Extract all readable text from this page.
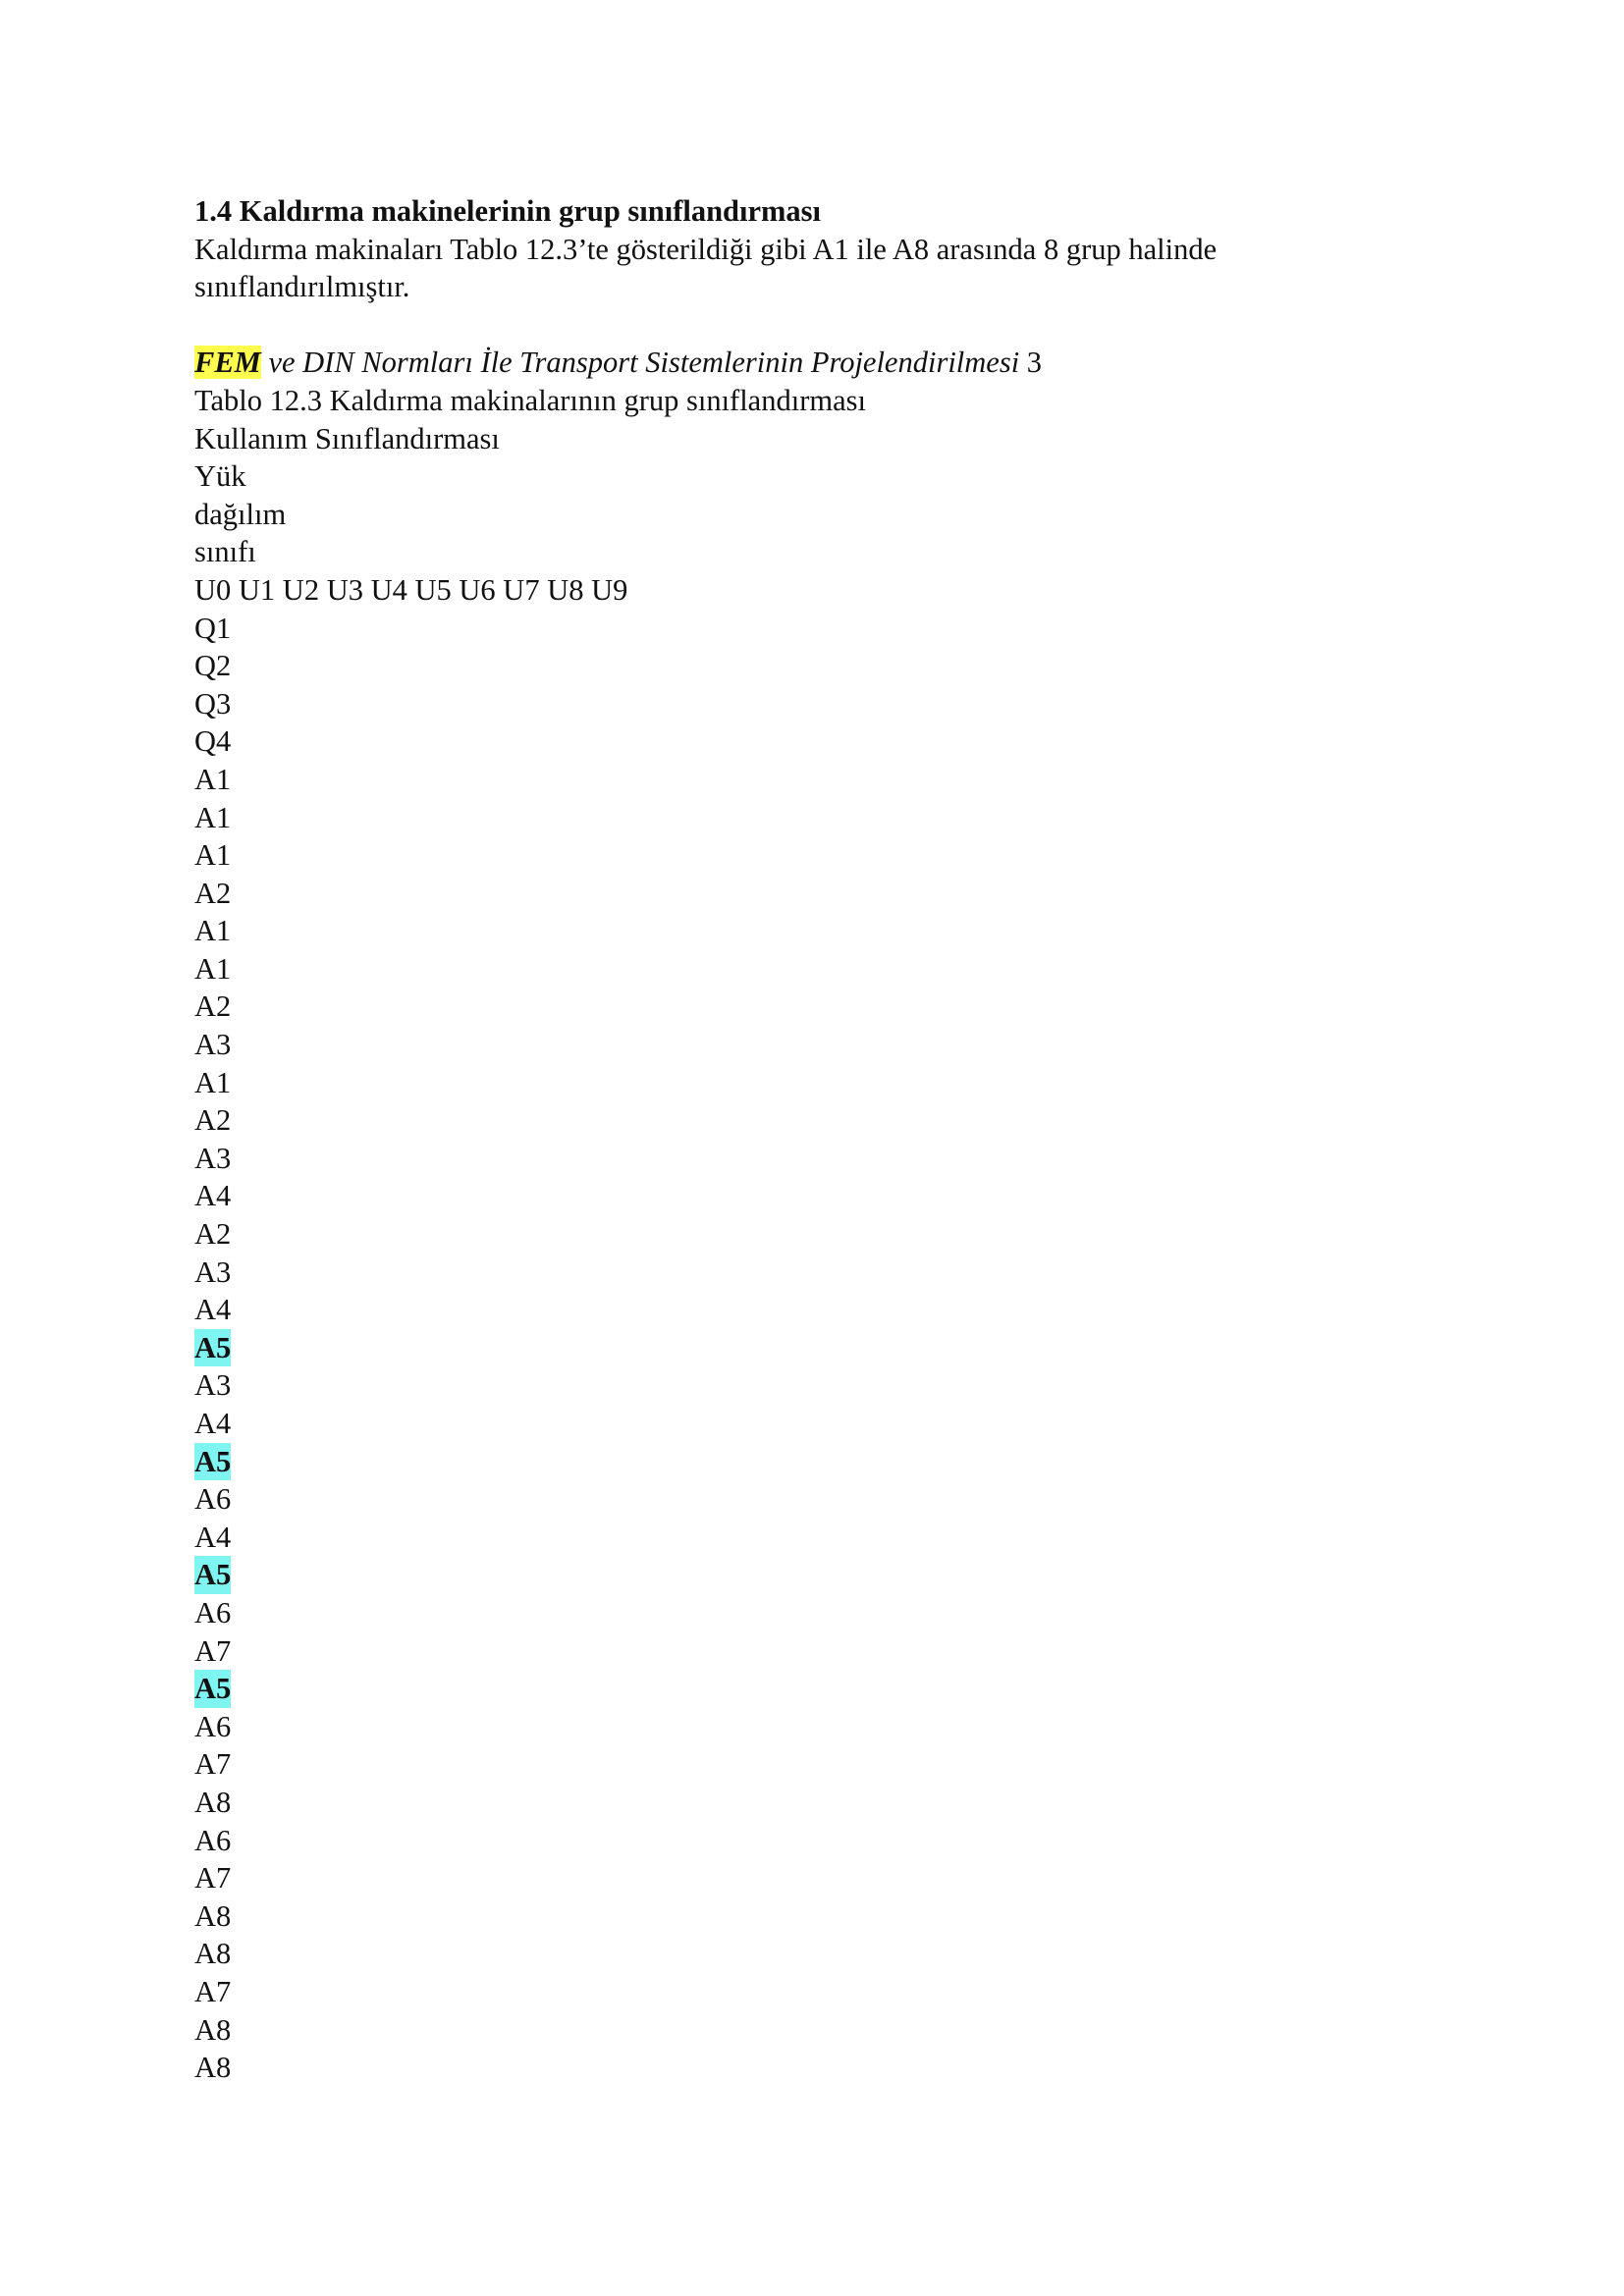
1.4 Kaldırma makinelerinin grup sınıflandırması
Kaldırma makinaları Tablo 12.3’te gösterildiği gibi A1 ile A8 arasında 8 grup halinde
sınıflandırılmıştır.
FEM ve DIN Normları İle Transport Sistemlerinin Projelendirilmesi 3
Tablo 12.3 Kaldırma makinalarının grup sınıflandırması
Kullanım Sınıflandırması
Yük
dağılım
sınıfı
U0 U1 U2 U3 U4 U5 U6 U7 U8 U9
Q1
Q2
Q3
Q4
A1
A1
A1
A2
A1
A1
A2
A3
A1
A2
A3
A4
A2
A3
A4
A5
A3
A4
A5
A6
A4
A5
A6
A7
A5
A6
A7
A8
A6
A7
A8
A8
A7
A8
A8
